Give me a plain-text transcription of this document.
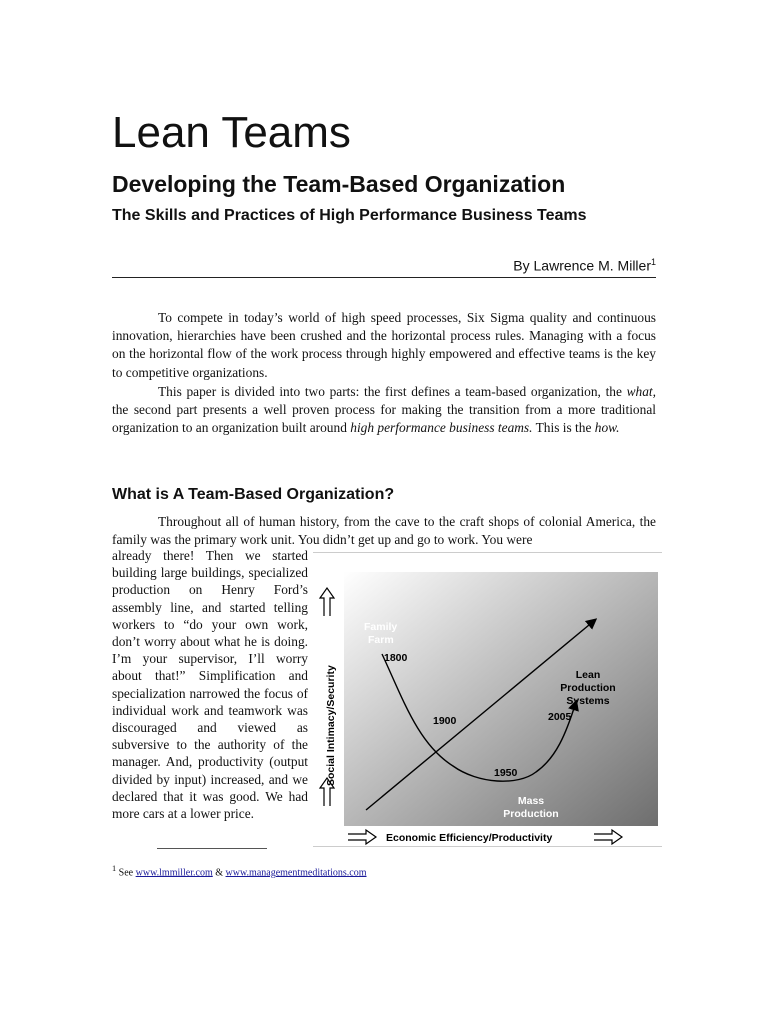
Lean Teams
Developing the Team-Based Organization
The Skills and Practices of High Performance Business Teams
By Lawrence M. Miller$^1$

To compete in today’s world of high speed processes, Six Sigma quality and continuous innovation, hierarchies have been crushed and the horizontal process rules. Managing with a focus on the horizontal flow of the work process through highly empowered and effective teams is the key to competitive organizations.

This paper is divided into two parts: the first defines a team-based organization, the what, the second part presents a well proven process for making the transition from a more traditional organization to an organization built around high performance business teams. This is the how.

What is A Team-Based Organization?

Throughout all of human history, from the cave to the craft shops of colonial America, the family was the primary work unit. You didn’t get up and go to work. You were

already there! Then we started building large buildings, specialized production on Henry Ford’s assembly line, and started telling workers to “do your own work, don’t worry about what he is doing. I’m your supervisor, I’ll worry about that!” Simplification and specialization narrowed the focus of individual work and teamwork was discouraged and viewed as subversive to the authority of the manager. And, productivity (output divided by input) increased, and we declared that it was good. We had more cars at a lower price.

Social Intimacy/Security
Economic Efficiency/Productivity
Family
Farm
1800
1900
1950
2005
Lean
Production
Systems
Mass
Production
$^1$ See www.lmmiller.com & www.managementmeditations.com
